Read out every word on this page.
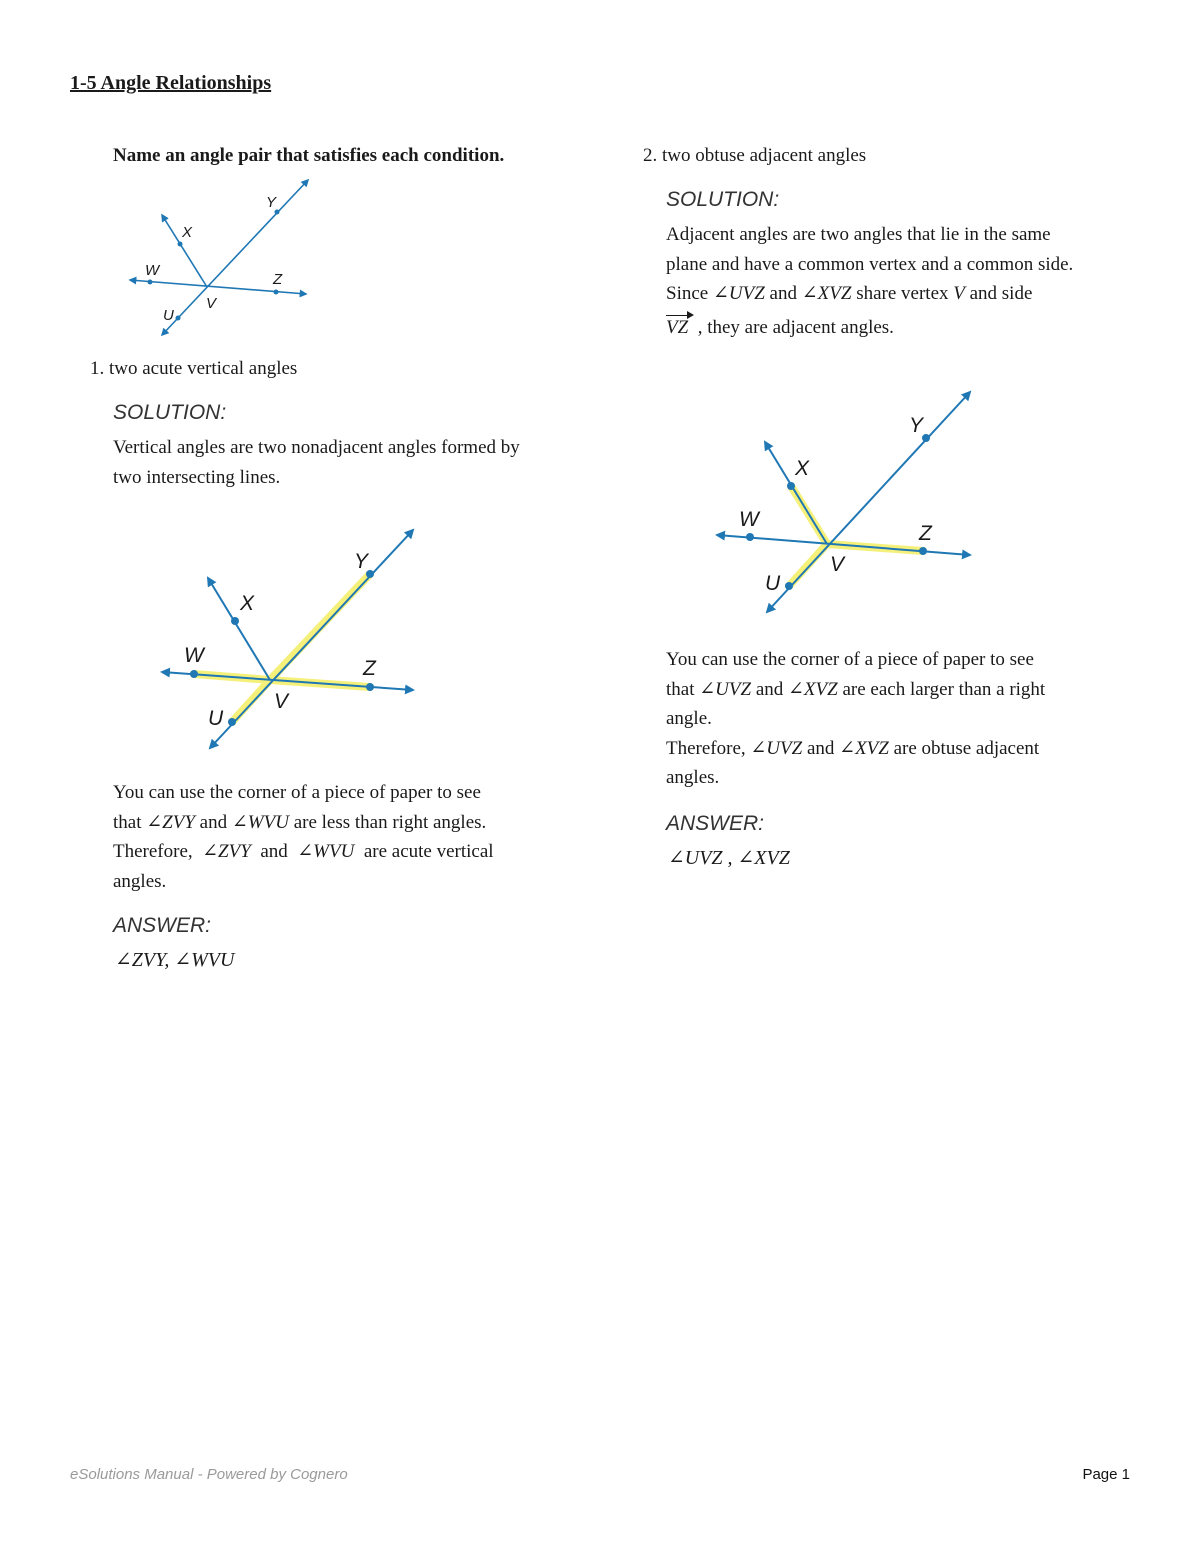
1-5 Angle Relationships
Name an angle pair that satisfies each condition.
W
X
Y
Z
U
V
1. two acute vertical angles
SOLUTION:

Vertical angles are two nonadjacent angles formed by

two intersecting lines.

W
X
Y
Z
U
V

You can use the corner of a piece of paper to see

that ∠ZVY and ∠WVU are less than right angles.

Therefore, ∠ZVY and ∠WVU are acute vertical

angles.

ANSWER:
∠ZVY, ∠WVU
2. two obtuse adjacent angles
SOLUTION:

Adjacent angles are two angles that lie in the same

plane and have a common vertex and a common side.

Since ∠UVZ and ∠XVZ share vertex V and side

VZ , they are adjacent angles.

W
X
Y
Z
U
V

You can use the corner of a piece of paper to see

that ∠UVZ and ∠XVZ are each larger than a right

angle.

Therefore, ∠UVZ and ∠XVZ are obtuse adjacent

angles.

ANSWER:
∠UVZ , ∠XVZ
eSolutions Manual - Powered by Cognero	Page 1
